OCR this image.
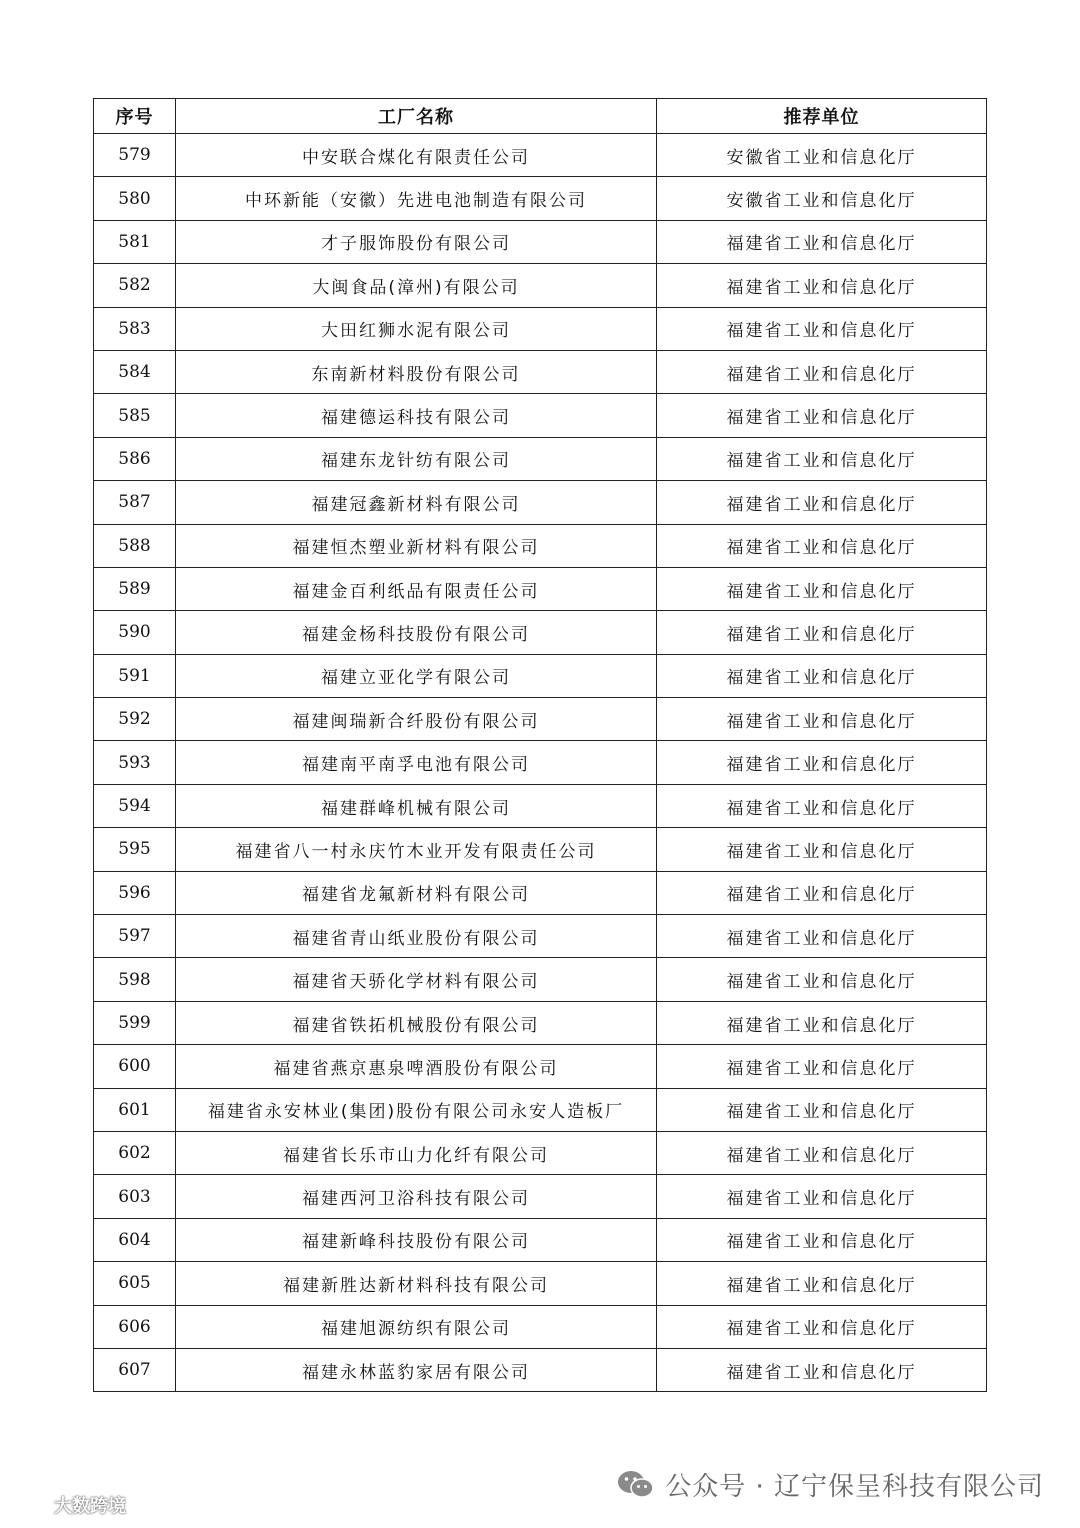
序号	工厂名称	推荐单位
579	中安联合煤化有限责任公司	安徽省工业和信息化厅
580	中环新能（安徽）先进电池制造有限公司	安徽省工业和信息化厅
581	才子服饰股份有限公司	福建省工业和信息化厅
582	大闽食品(漳州)有限公司	福建省工业和信息化厅
583	大田红狮水泥有限公司	福建省工业和信息化厅
584	东南新材料股份有限公司	福建省工业和信息化厅
585	福建德运科技有限公司	福建省工业和信息化厅
586	福建东龙针纺有限公司	福建省工业和信息化厅
587	福建冠鑫新材料有限公司	福建省工业和信息化厅
588	福建恒杰塑业新材料有限公司	福建省工业和信息化厅
589	福建金百利纸品有限责任公司	福建省工业和信息化厅
590	福建金杨科技股份有限公司	福建省工业和信息化厅
591	福建立亚化学有限公司	福建省工业和信息化厅
592	福建闽瑞新合纤股份有限公司	福建省工业和信息化厅
593	福建南平南孚电池有限公司	福建省工业和信息化厅
594	福建群峰机械有限公司	福建省工业和信息化厅
595	福建省八一村永庆竹木业开发有限责任公司	福建省工业和信息化厅
596	福建省龙氟新材料有限公司	福建省工业和信息化厅
597	福建省青山纸业股份有限公司	福建省工业和信息化厅
598	福建省天骄化学材料有限公司	福建省工业和信息化厅
599	福建省铁拓机械股份有限公司	福建省工业和信息化厅
600	福建省燕京惠泉啤酒股份有限公司	福建省工业和信息化厅
601	福建省永安林业(集团)股份有限公司永安人造板厂	福建省工业和信息化厅
602	福建省长乐市山力化纤有限公司	福建省工业和信息化厅
603	福建西河卫浴科技有限公司	福建省工业和信息化厅
604	福建新峰科技股份有限公司	福建省工业和信息化厅
605	福建新胜达新材料科技有限公司	福建省工业和信息化厅
606	福建旭源纺织有限公司	福建省工业和信息化厅
607	福建永林蓝豹家居有限公司	福建省工业和信息化厅
公众号 · 辽宁保呈科技有限公司
大数跨境
